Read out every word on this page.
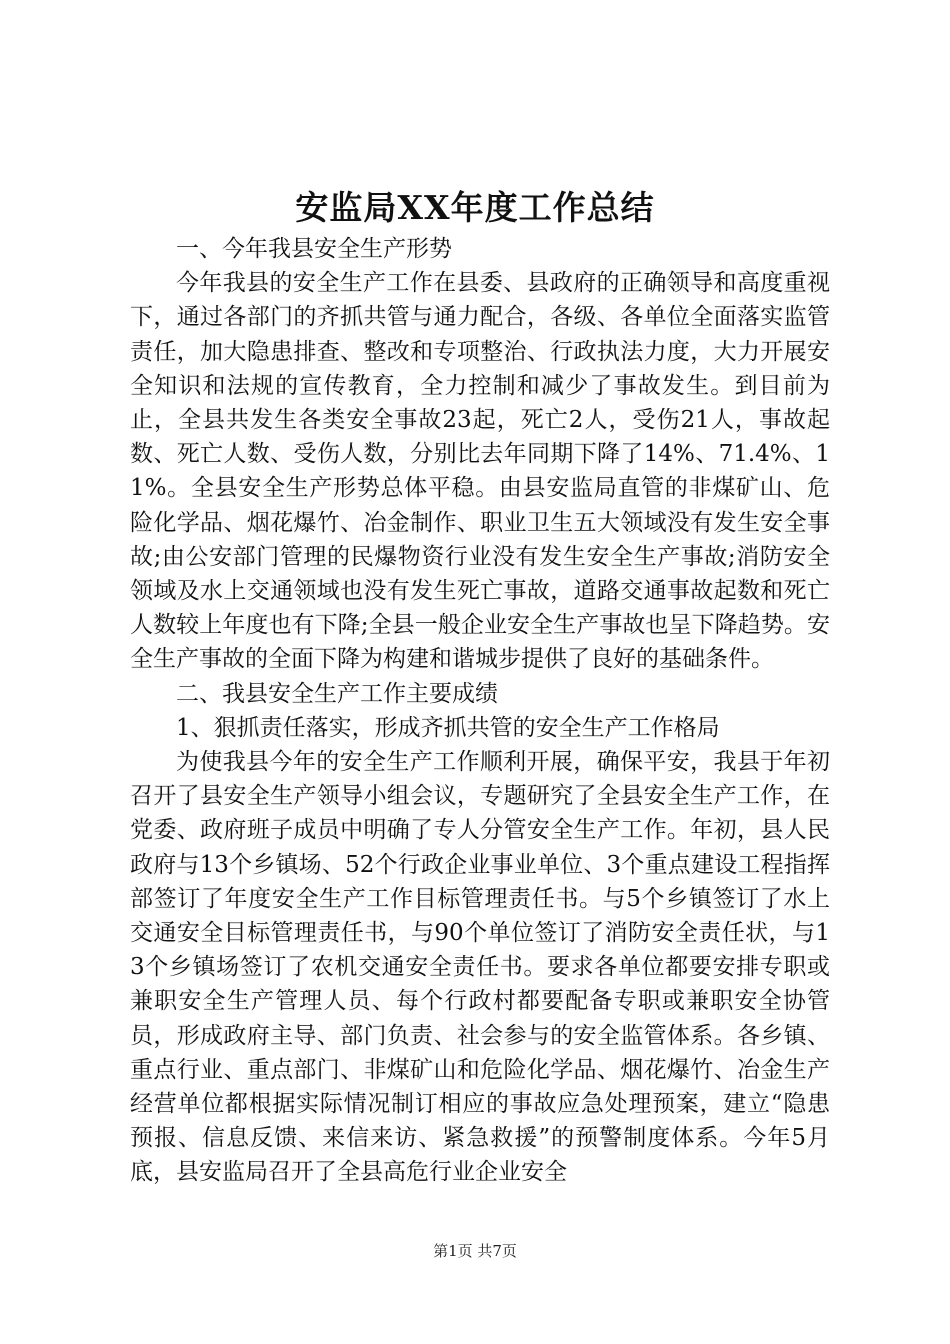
安监局XX年度工作总结

一、今年我县安全生产形势

今年我县的安全生产工作在县委、县政府的正确领导和高度重视下，通过各部门的齐抓共管与通力配合，各级、各单位全面落实监管责任，加大隐患排查、整改和专项整治、行政执法力度，大力开展安全知识和法规的宣传教育，全力控制和减少了事故发生。到目前为止，全县共发生各类安全事故23起，死亡2人，受伤21人，事故起数、死亡人数、受伤人数，分别比去年同期下降了14%、71.4%、11%。全县安全生产形势总体平稳。由县安监局直管的非煤矿山、危险化学品、烟花爆竹、冶金制作、职业卫生五大领域没有发生安全事故;由公安部门管理的民爆物资行业没有发生安全生产事故;消防安全领域及水上交通领域也没有发生死亡事故，道路交通事故起数和死亡人数较上年度也有下降;全县一般企业安全生产事故也呈下降趋势。安全生产事故的全面下降为构建和谐城步提供了良好的基础条件。

二、我县安全生产工作主要成绩

1、狠抓责任落实，形成齐抓共管的安全生产工作格局

为使我县今年的安全生产工作顺利开展，确保平安，我县于年初召开了县安全生产领导小组会议，专题研究了全县安全生产工作，在党委、政府班子成员中明确了专人分管安全生产工作。年初，县人民政府与13个乡镇场、52个行政企业事业单位、3个重点建设工程指挥部签订了年度安全生产工作目标管理责任书。与5个乡镇签订了水上交通安全目标管理责任书，与90个单位签订了消防安全责任状，与13个乡镇场签订了农机交通安全责任书。要求各单位都要安排专职或兼职安全生产管理人员、每个行政村都要配备专职或兼职安全协管员，形成政府主导、部门负责、社会参与的安全监管体系。各乡镇、重点行业、重点部门、非煤矿山和危险化学品、烟花爆竹、冶金生产经营单位都根据实际情况制订相应的事故应急处理预案，建立“隐患预报、信息反馈、来信来访、紧急救援”的预警制度体系。今年5月底，县安监局召开了全县高危行业企业安全

第1页 共7页
